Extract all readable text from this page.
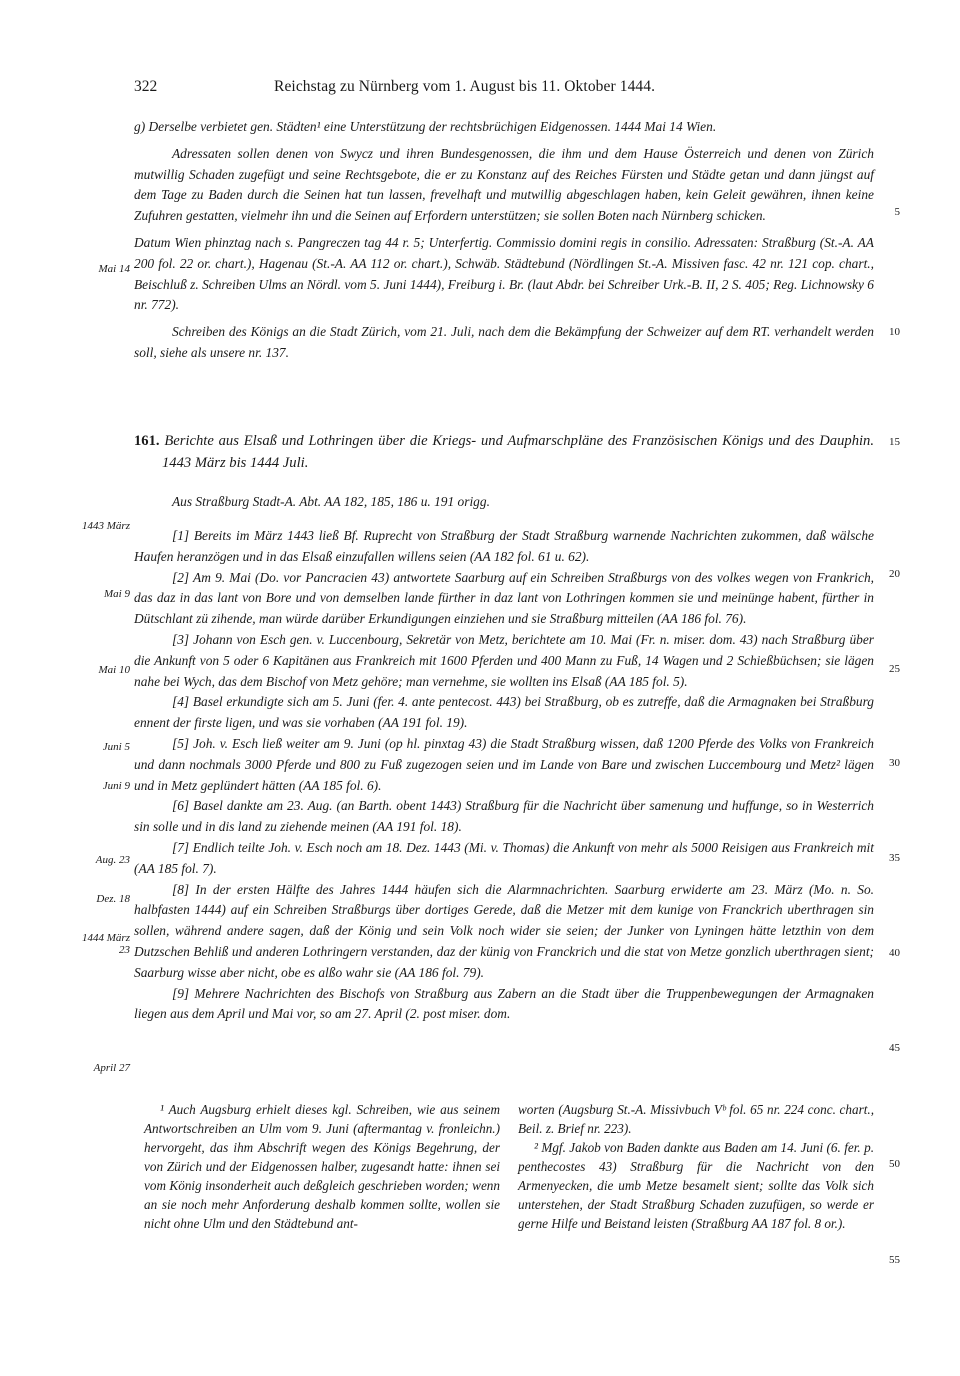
322	Reichstag zu Nürnberg vom 1. August bis 11. Oktober 1444.

g) Derselbe verbietet gen. Städten¹ eine Unterstützung der rechtsbrüchigen Eidgenossen. 1444 Mai 14 Wien.

Adressaten sollen denen von Swycz und ihren Bundesgenossen, die ihm und dem Hause Österreich und denen von Zürich mutwillig Schaden zugefügt und seine Rechtsgebote, die er zu Konstanz auf des Reiches Fürsten und Städte getan und dann jüngst auf dem Tage zu Baden durch die Seinen hat tun lassen, frevelhaft und mutwillig abgeschlagen haben, kein Geleit gewähren, ihnen keine Zufuhren gestatten, vielmehr ihn und die Seinen auf Erfordern unterstützen; sie sollen Boten nach Nürnberg schicken.

Datum Wien phinztag nach s. Pangreczen tag 44 r. 5; Unterfertig. Commissio domini regis in consilio. Adressaten: Straßburg (St.-A. AA 200 fol. 22 or. chart.), Hagenau (St.-A. AA 112 or. chart.), Schwäb. Städtebund (Nördlingen St.-A. Missiven fasc. 42 nr. 121 cop. chart., Beischluß z. Schreiben Ulms an Nördl. vom 5. Juni 1444), Freiburg i. Br. (laut Abdr. bei Schreiber Urk.-B. II, 2 S. 405; Reg. Lichnowsky 6 nr. 772).

Schreiben des Königs an die Stadt Zürich, vom 21. Juli, nach dem die Bekämpfung der Schweizer auf dem RT. verhandelt werden soll, siehe als unsere nr. 137.

Mai 14

161. Berichte aus Elsaß und Lothringen über die Kriegs- und Aufmarschpläne des Französischen Königs und des Dauphin. 1443 März bis 1444 Juli.

Aus Straßburg Stadt-A. Abt. AA 182, 185, 186 u. 191 origg.

[1] Bereits im März 1443 ließ Bf. Ruprecht von Straßburg der Stadt Straßburg warnende Nachrichten zukommen, daß wälsche Haufen heranzögen und in das Elsaß einzufallen willens seien (AA 182 fol. 61 u. 62).

[2] Am 9. Mai (Do. vor Pancracien 43) antwortete Saarburg auf ein Schreiben Straßburgs von des volkes wegen von Frankrich, das daz in das lant von Bore und von demselben lande fürther in daz lant von Lothringen kommen sie und meinünge habent, fürther in Dütschlant zü zihende, man würde darüber Erkundigungen einziehen und sie Straßburg mitteilen (AA 186 fol. 76).

[3] Johann von Esch gen. v. Luccenbourg, Sekretär von Metz, berichtete am 10. Mai (Fr. n. miser. dom. 43) nach Straßburg über die Ankunft von 5 oder 6 Kapitänen aus Frankreich mit 1600 Pferden und 400 Mann zu Fuß, 14 Wagen und 2 Schießbüchsen; sie lägen nahe bei Wych, das dem Bischof von Metz gehöre; man vernehme, sie wollten ins Elsaß (AA 185 fol. 5).

[4] Basel erkundigte sich am 5. Juni (fer. 4. ante pentecost. 443) bei Straßburg, ob es zutreffe, daß die Armagnaken bei Straßburg ennent der firste ligen, und was sie vorhaben (AA 191 fol. 19).

[5] Joh. v. Esch ließ weiter am 9. Juni (op hl. pinxtag 43) die Stadt Straßburg wissen, daß 1200 Pferde des Volks von Frankreich und dann nochmals 3000 Pferde und 800 zu Fuß zugezogen seien und im Lande von Bare und zwischen Luccembourg und Metz² lägen und in Metz geplündert hätten (AA 185 fol. 6).

[6] Basel dankte am 23. Aug. (an Barth. obent 1443) Straßburg für die Nachricht über samenung und huffunge, so in Westerrich sin solle und in dis land zu ziehende meinen (AA 191 fol. 18).

[7] Endlich teilte Joh. v. Esch noch am 18. Dez. 1443 (Mi. v. Thomas) die Ankunft von mehr als 5000 Reisigen aus Frankreich mit (AA 185 fol. 7).

[8] In der ersten Hälfte des Jahres 1444 häufen sich die Alarmnachrichten. Saarburg erwiderte am 23. März (Mo. n. So. halbfasten 1444) auf ein Schreiben Straßburgs über dortiges Gerede, daß die Metzer mit dem kunige von Franckrich uberthragen sin sollen, während andere sagen, daß der König und sein Volk noch wider sie seien; der Junker von Lyningen hätte letzthin von dem Dutzschen Behliß und anderen Lothringern verstanden, daz der künig von Franckrich und die stat von Metze gonzlich uberthragen sient; Saarburg wisse aber nicht, obe es alßo wahr sie (AA 186 fol. 79).

[9] Mehrere Nachrichten des Bischofs von Straßburg aus Zabern an die Stadt über die Truppenbewegungen der Armagnaken liegen aus dem April und Mai vor, so am 27. April (2. post miser. dom.

1443 März
Mai 9
Mai 10
Juni 5
Juni 9
Aug. 23
Dez. 18
1444 März 23
April 27
5
10
15
20
25
30
35
40
45
50
55

¹ Auch Augsburg erhielt dieses kgl. Schreiben, wie aus seinem Antwortschreiben an Ulm vom 9. Juni (aftermantag v. fronleichn.) hervorgeht, das ihm Abschrift wegen des Königs Begehrung, der von Zürich und der Eidgenossen halber, zugesandt hatte: ihnen sei vom König insonderheit auch deßgleich geschrieben worden; wenn an sie noch mehr Anforderung deshalb kommen sollte, wollen sie nicht ohne Ulm und den Städtebund ant-

worten (Augsburg St.-A. Missivbuch Vᵇ fol. 65 nr. 224 conc. chart., Beil. z. Brief nr. 223).

² Mgf. Jakob von Baden dankte aus Baden am 14. Juni (6. fer. p. penthecostes 43) Straßburg für die Nachricht von den Armenyecken, die umb Metze besamelt sient; sollte das Volk sich unterstehen, der Stadt Straßburg Schaden zuzufügen, so werde er gerne Hilfe und Beistand leisten (Straßburg AA 187 fol. 8 or.).
